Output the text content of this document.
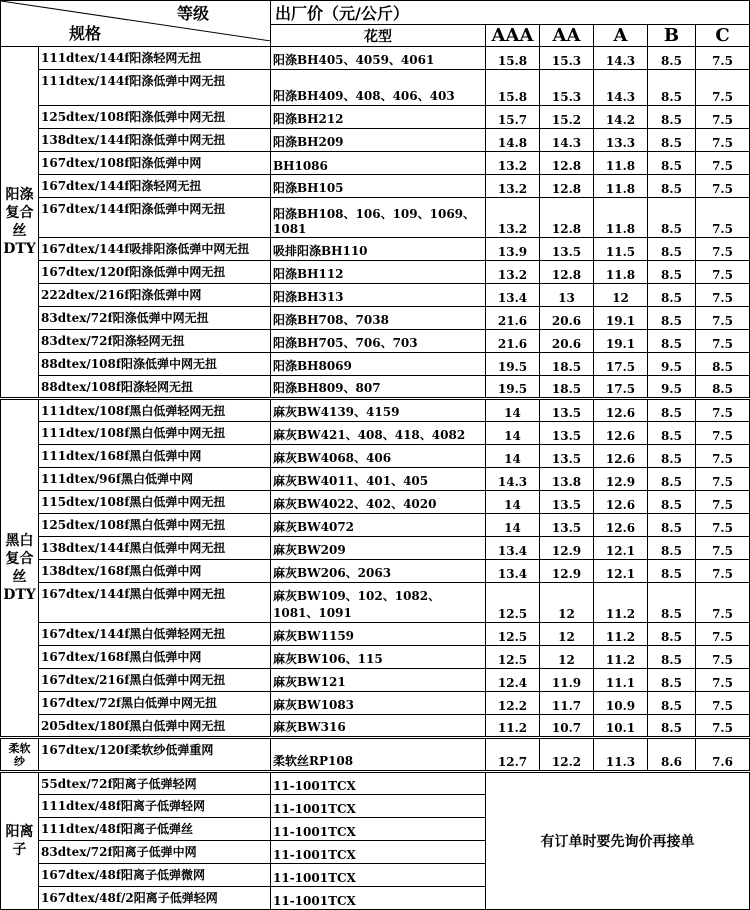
等级
规格		出厂价（元/公斤）					
		花型	AAA	AA	A	B	C

阳涤
复合
丝
DTY	111dtex/144f阳涤轻网无扭	阳涤BH405、4059、4061	15.8	15.3	14.3	8.5	7.5
	111dtex/144f阳涤低弹中网无扭	阳涤BH409、408、406、403	15.8	15.3	14.3	8.5	7.5
	125dtex/108f阳涤低弹中网无扭	阳涤BH212	15.7	15.2	14.2	8.5	7.5
	138dtex/144f阳涤低弹中网无扭	阳涤BH209	14.8	14.3	13.3	8.5	7.5
	167dtex/108f阳涤低弹中网	BH1086	13.2	12.8	11.8	8.5	7.5
	167dtex/144f阳涤轻网无扭	阳涤BH105	13.2	12.8	11.8	8.5	7.5
	167dtex/144f阳涤低弹中网无扭	阳涤BH108、106、109、1069、1081	13.2	12.8	11.8	8.5	7.5
	167dtex/144f吸排阳涤低弹中网无扭	吸排阳涤BH110	13.9	13.5	11.5	8.5	7.5
	167dtex/120f阳涤低弹中网无扭	阳涤BH112	13.2	12.8	11.8	8.5	7.5
	222dtex/216f阳涤低弹中网	阳涤BH313	13.4	13	12	8.5	7.5
	83dtex/72f阳涤低弹中网无扭	阳涤BH708、7038	21.6	20.6	19.1	8.5	7.5
	83dtex/72f阳涤轻网无扭	阳涤BH705、706、703	21.6	20.6	19.1	8.5	7.5
	88dtex/108f阳涤低弹中网无扭	阳涤BH8069	19.5	18.5	17.5	9.5	8.5
	88dtex/108f阳涤轻网无扭	阳涤BH809、807	19.5	18.5	17.5	9.5	8.5

黑白
复合
丝
DTY	111dtex/108f黑白低弹轻网无扭	麻灰BW4139、4159	14	13.5	12.6	8.5	7.5
	111dtex/108f黑白低弹中网无扭	麻灰BW421、408、418、4082	14	13.5	12.6	8.5	7.5
	111dtex/168f黑白低弹中网	麻灰BW4068、406	14	13.5	12.6	8.5	7.5
	111dtex/96f黑白低弹中网	麻灰BW4011、401、405	14.3	13.8	12.9	8.5	7.5
	115dtex/108f黑白低弹中网无扭	麻灰BW4022、402、4020	14	13.5	12.6	8.5	7.5
	125dtex/108f黑白低弹中网无扭	麻灰BW4072	14	13.5	12.6	8.5	7.5
	138dtex/144f黑白低弹中网无扭	麻灰BW209	13.4	12.9	12.1	8.5	7.5
	138dtex/168f黑白低弹中网	麻灰BW206、2063	13.4	12.9	12.1	8.5	7.5
	167dtex/144f黑白低弹中网无扭	麻灰BW109、102、1082、1081、1091	12.5	12	11.2	8.5	7.5
	167dtex/144f黑白低弹轻网无扭	麻灰BW1159	12.5	12	11.2	8.5	7.5
	167dtex/168f黑白低弹中网	麻灰BW106、115	12.5	12	11.2	8.5	7.5
	167dtex/216f黑白低弹中网无扭	麻灰BW121	12.4	11.9	11.1	8.5	7.5
	167dtex/72f黑白低弹中网无扭	麻灰BW1083	12.2	11.7	10.9	8.5	7.5
	205dtex/180f黑白低弹中网无扭	麻灰BW316	11.2	10.7	10.1	8.5	7.5

柔软
纱	167dtex/120f柔软纱低弹重网	柔软丝RP108	12.7	12.2	11.3	8.6	7.6

阳离
子	55dtex/72f阳离子低弹轻网	11-1001TCX	有订单时要先询价再接单				
	111dtex/48f阳离子低弹轻网	11-1001TCX					
	111dtex/48f阳离子低弹丝	11-1001TCX					
	83dtex/72f阳离子低弹中网	11-1001TCX					
	167dtex/48f阳离子低弹微网	11-1001TCX					
	167dtex/48f/2阳离子低弹轻网	11-1001TCX					
